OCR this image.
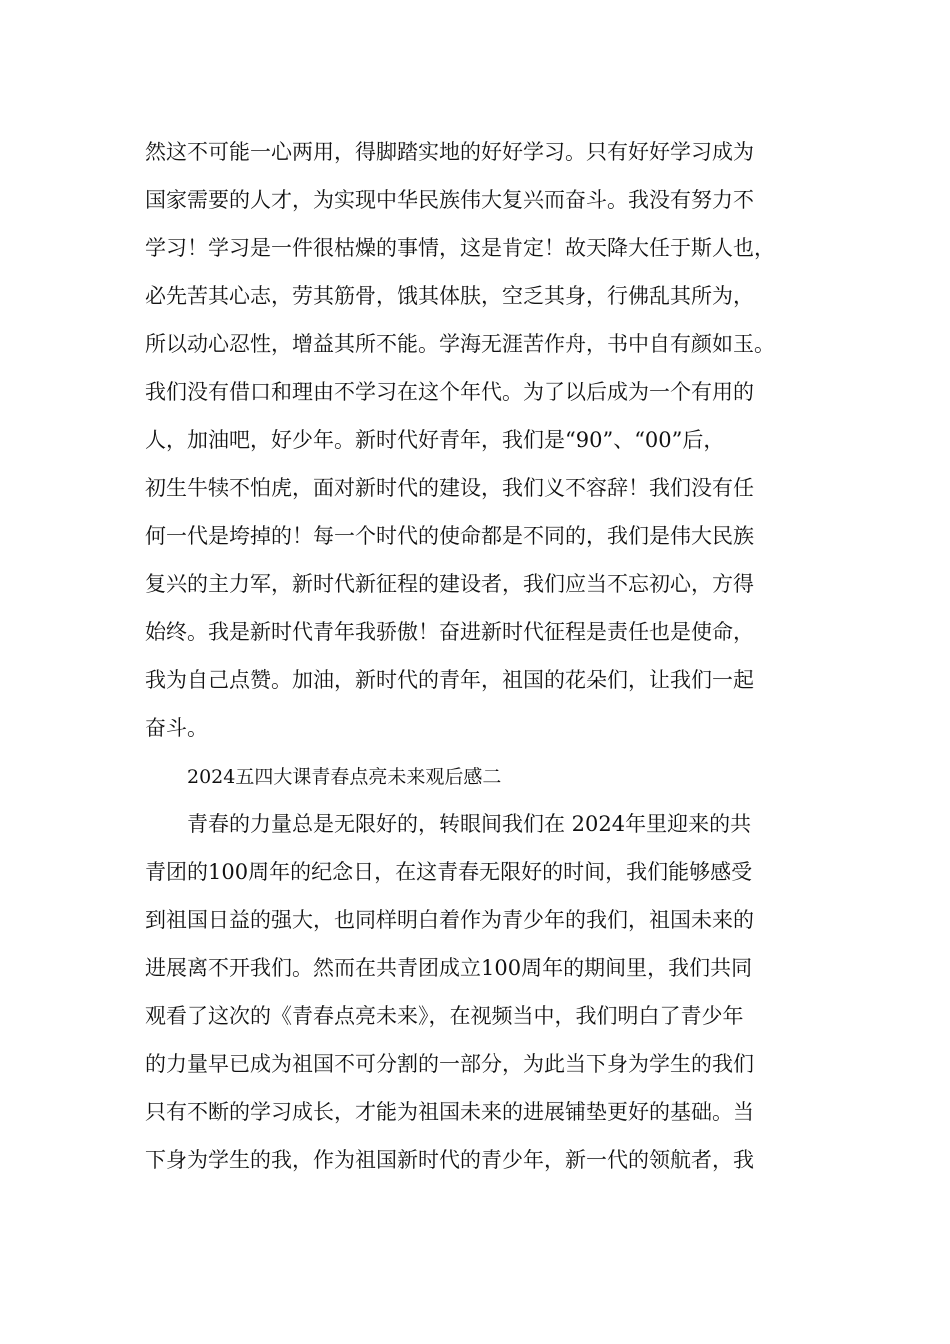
然这不可能一心两用，得脚踏实地的好好学习。只有好好学习成为

国家需要的人才，为实现中华民族伟大复兴而奋斗。我没有努力不

学习！学习是一件很枯燥的事情，这是肯定！故天降大任于斯人也，

必先苦其心志，劳其筋骨，饿其体肤，空乏其身，行佛乱其所为，

所以动心忍性，增益其所不能。学海无涯苦作舟，书中自有颜如玉。

我们没有借口和理由不学习在这个年代。为了以后成为一个有用的

人，加油吧，好少年。新时代好青年，我们是“90”、“00”后，

初生牛犊不怕虎，面对新时代的建设，我们义不容辞！我们没有任

何一代是垮掉的！每一个时代的使命都是不同的，我们是伟大民族

复兴的主力军，新时代新征程的建设者，我们应当不忘初心，方得

始终。我是新时代青年我骄傲！奋进新时代征程是责任也是使命，

我为自己点赞。加油，新时代的青年，祖国的花朵们，让我们一起

奋斗。

2024五四大课青春点亮未来观后感二

青春的力量总是无限好的，转眼间我们在 2024年里迎来的共

青团的100周年的纪念日，在这青春无限好的时间，我们能够感受

到祖国日益的强大，也同样明白着作为青少年的我们，祖国未来的

进展离不开我们。然而在共青团成立100周年的期间里，我们共同

观看了这次的《青春点亮未来》，在视频当中，我们明白了青少年

的力量早已成为祖国不可分割的一部分，为此当下身为学生的我们

只有不断的学习成长，才能为祖国未来的进展铺垫更好的基础。当

下身为学生的我，作为祖国新时代的青少年，新一代的领航者，我
